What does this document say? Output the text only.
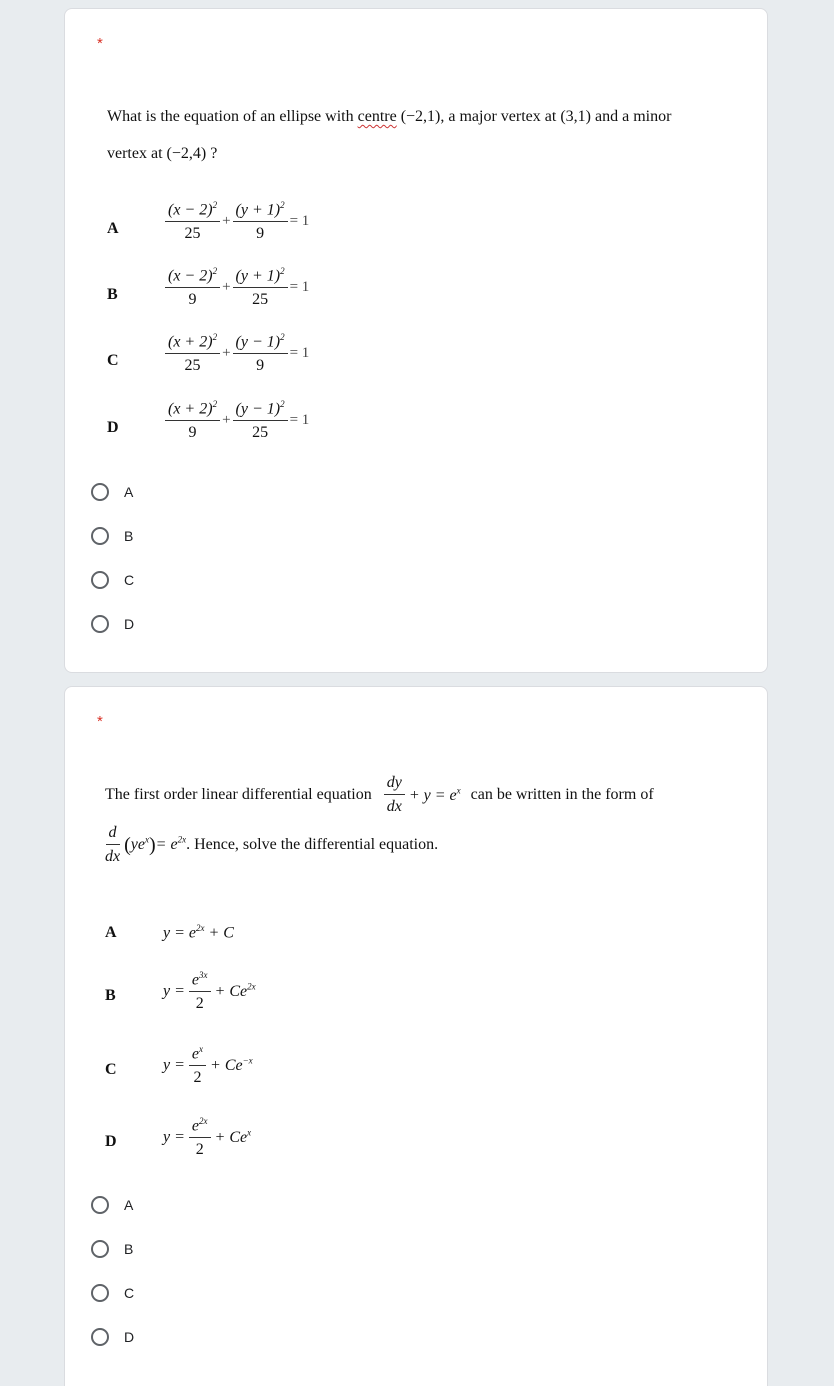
*
What is the equation of an ellipse with centre (−2,1), a major vertex at (3,1) and a minor
vertex at (−2,4) ?
A	$\frac{(x - 2)^2}{25} + \frac{(y + 1)^2}{9} = 1$
B	$\frac{(x - 2)^2}{9} + \frac{(y + 1)^2}{25} = 1$
C	$\frac{(x + 2)^2}{25} + \frac{(y - 1)^2}{9} = 1$
D	$\frac{(x + 2)^2}{9} + \frac{(y - 1)^2}{25} = 1$
A
B
C
D
*
The first order linear differential equation $\frac{dy}{dx} + y = e^x$ can be written in the form of
$\frac{d}{dx} (ye^x)= e^{2x}$. Hence, solve the differential equation.
A	$y = e^{2x} + C$
B	$y = \frac{e^{3x}}{2} + Ce^{2x}$
C	$y = \frac{e^x}{2} + Ce^{-x}$
D	$y = \frac{e^{2x}}{2} + Ce^x$
A
B
C
D
